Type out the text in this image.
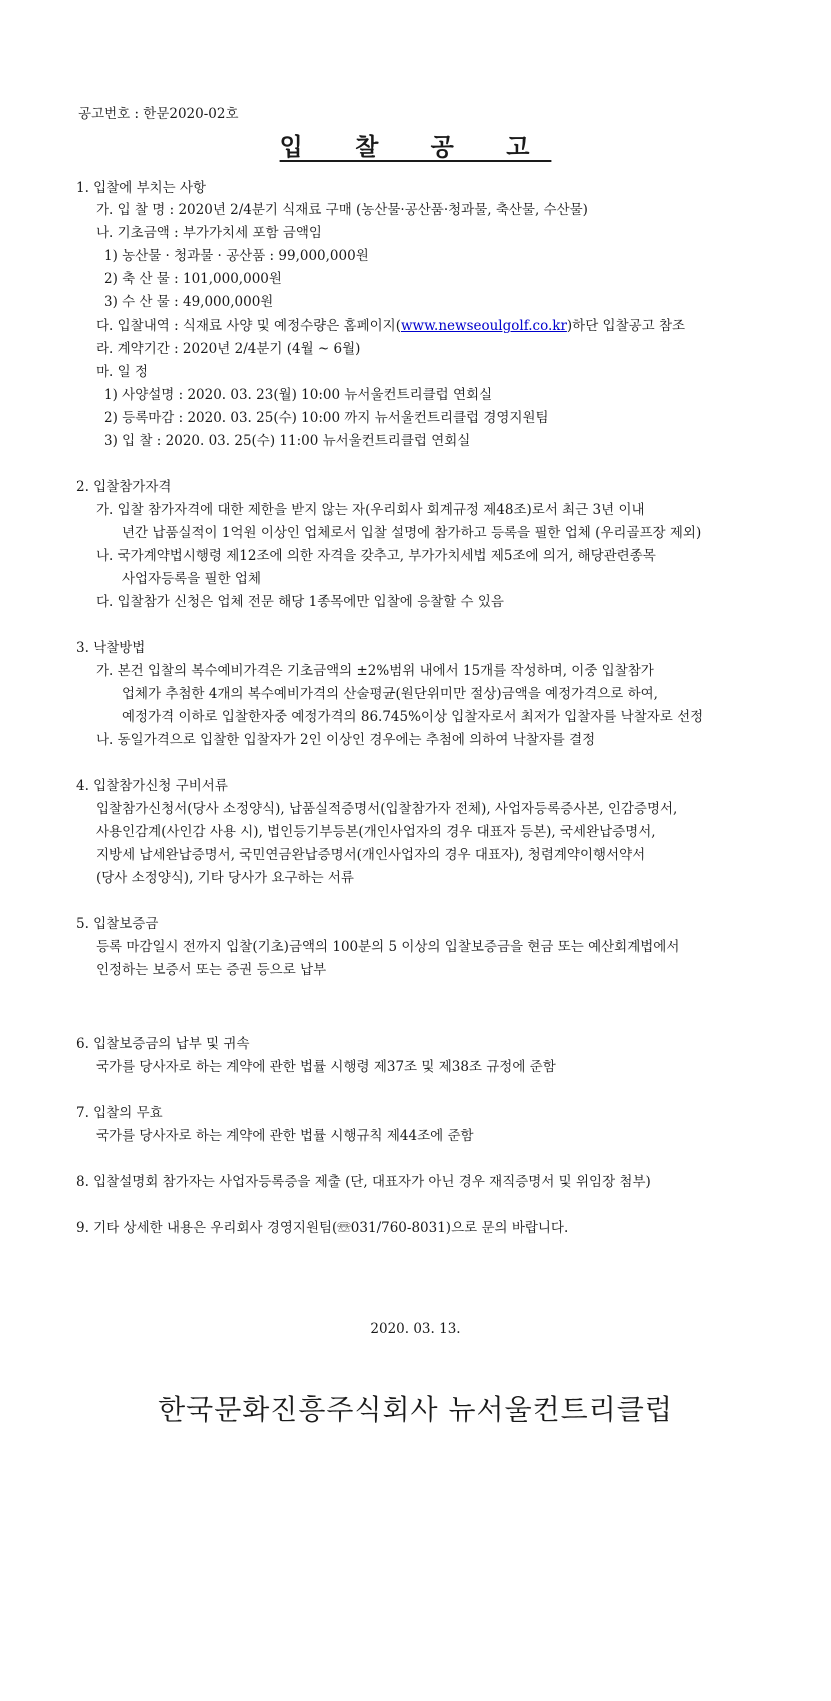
공고번호 : 한문2020-02호
입 찰 공 고
1. 입찰에 부치는 사항
가. 입 찰 명 : 2020년 2/4분기 식재료 구매 (농산물·공산품·청과물, 축산물, 수산물)
나. 기초금액 : 부가가치세 포함 금액임
1) 농산물 · 청과물 · 공산품 : 99,000,000원
2) 축 산 물 : 101,000,000원
3) 수 산 물 : 49,000,000원
다. 입찰내역 : 식재료 사양 및 예정수량은 홈페이지(www.newseoulgolf.co.kr)하단 입찰공고 참조
라. 계약기간 : 2020년 2/4분기 (4월 ~ 6월)
마. 일 정
1) 사양설명 : 2020. 03. 23(월) 10:00 뉴서울컨트리클럽 연회실
2) 등록마감 : 2020. 03. 25(수) 10:00 까지 뉴서울컨트리클럽 경영지원팀
3) 입 찰 : 2020. 03. 25(수) 11:00 뉴서울컨트리클럽 연회실
2. 입찰참가자격
가. 입찰 참가자격에 대한 제한을 받지 않는 자(우리회사 회계규정 제48조)로서 최근 3년 이내
년간 납품실적이 1억원 이상인 업체로서 입찰 설명에 참가하고 등록을 필한 업체 (우리골프장 제외)
나. 국가계약법시행령 제12조에 의한 자격을 갖추고, 부가가치세법 제5조에 의거, 해당관련종목
사업자등록을 필한 업체
다. 입찰참가 신청은 업체 전문 해당 1종목에만 입찰에 응찰할 수 있음
3. 낙찰방법
가. 본건 입찰의 복수예비가격은 기초금액의 ±2%범위 내에서 15개를 작성하며, 이중 입찰참가
업체가 추첨한 4개의 복수예비가격의 산술평균(원단위미만 절상)금액을 예정가격으로 하여,
예정가격 이하로 입찰한자중 예정가격의 86.745%이상 입찰자로서 최저가 입찰자를 낙찰자로 선정
나. 동일가격으로 입찰한 입찰자가 2인 이상인 경우에는 추첨에 의하여 낙찰자를 결정
4. 입찰참가신청 구비서류
입찰참가신청서(당사 소정양식), 납품실적증명서(입찰참가자 전체), 사업자등록증사본, 인감증명서,
사용인감계(사인감 사용 시), 법인등기부등본(개인사업자의 경우 대표자 등본), 국세완납증명서,
지방세 납세완납증명서, 국민연금완납증명서(개인사업자의 경우 대표자), 청렴계약이행서약서
(당사 소정양식), 기타 당사가 요구하는 서류
5. 입찰보증금
등록 마감일시 전까지 입찰(기초)금액의 100분의 5 이상의 입찰보증금을 현금 또는 예산회계법에서
인정하는 보증서 또는 증권 등으로 납부
6. 입찰보증금의 납부 및 귀속
국가를 당사자로 하는 계약에 관한 법률 시행령 제37조 및 제38조 규정에 준함
7. 입찰의 무효
국가를 당사자로 하는 계약에 관한 법률 시행규칙 제44조에 준함
8. 입찰설명회 참가자는 사업자등록증을 제출 (단, 대표자가 아닌 경우 재직증명서 및 위임장 첨부)
9. 기타 상세한 내용은 우리회사 경영지원팀(☏031/760-8031)으로 문의 바랍니다.
2020. 03. 13.
한국문화진흥주식회사 뉴서울컨트리클럽
